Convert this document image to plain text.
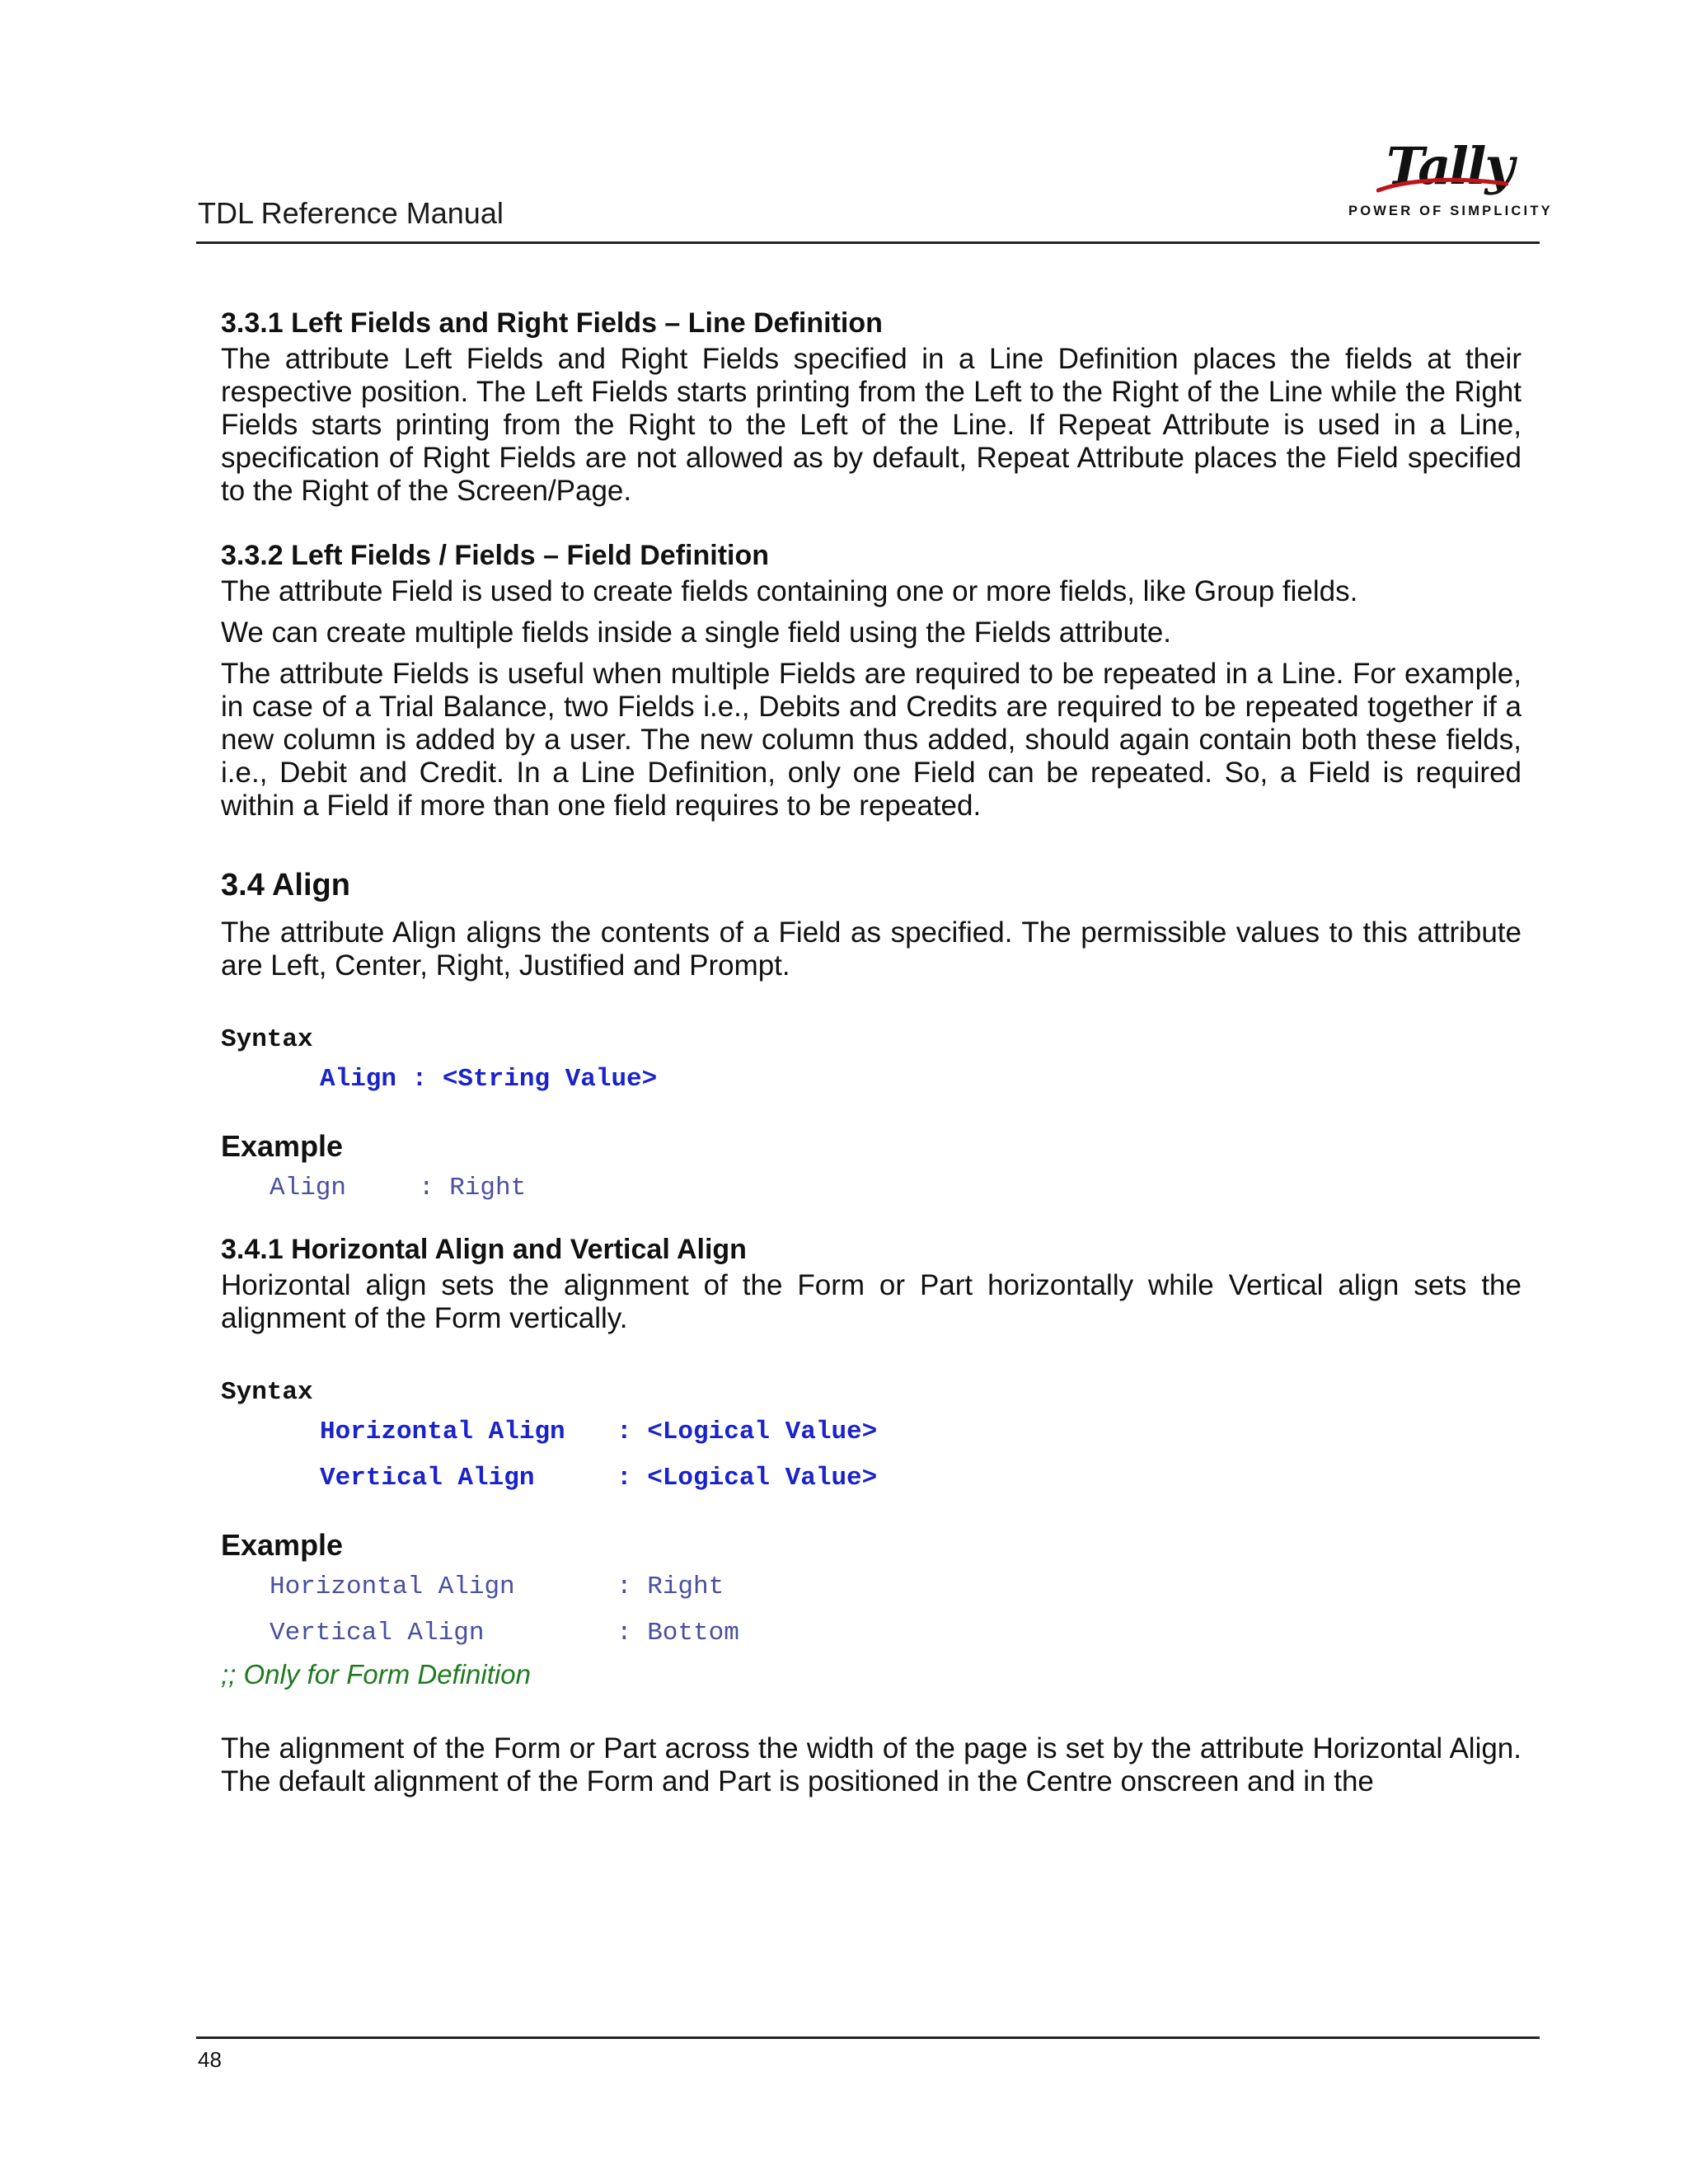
TDL Reference Manual
Tally
POWER OF SIMPLICITY
3.3.1 Left Fields and Right Fields – Line Definition

The attribute Left Fields and Right Fields specified in a Line Definition places the fields at their respective position. The Left Fields starts printing from the Left to the Right of the Line while the Right Fields starts printing from the Right to the Left of the Line. If Repeat Attribute is used in a Line, specification of Right Fields are not allowed as by default, Repeat Attribute places the Field specified to the Right of the Screen/Page.

3.3.2 Left Fields / Fields – Field Definition

The attribute Field is used to create fields containing one or more fields, like Group fields.

We can create multiple fields inside a single field using the Fields attribute.

The attribute Fields is useful when multiple Fields are required to be repeated in a Line. For example, in case of a Trial Balance, two Fields i.e., Debits and Credits are required to be repeated together if a new column is added by a user. The new column thus added, should again contain both these fields, i.e., Debit and Credit. In a Line Definition, only one Field can be repeated. So, a Field is required within a Field if more than one field requires to be repeated.

3.4 Align

The attribute Align aligns the contents of a Field as specified. The permissible values to this attribute are Left, Center, Right, Justified and Prompt.

Syntax
Align : <String Value>
Example
Align	: Right
3.4.1 Horizontal Align and Vertical Align

Horizontal align sets the alignment of the Form or Part horizontally while Vertical align sets the alignment of the Form vertically.

Syntax
Horizontal Align : <Logical Value>
Vertical Align	: <Logical Value>
Example
Horizontal Align	: Right
Vertical Align	: Bottom
;; Only for Form Definition

The alignment of the Form or Part across the width of the page is set by the attribute Horizontal Align. The default alignment of the Form and Part is positioned in the Centre onscreen and in the

48
